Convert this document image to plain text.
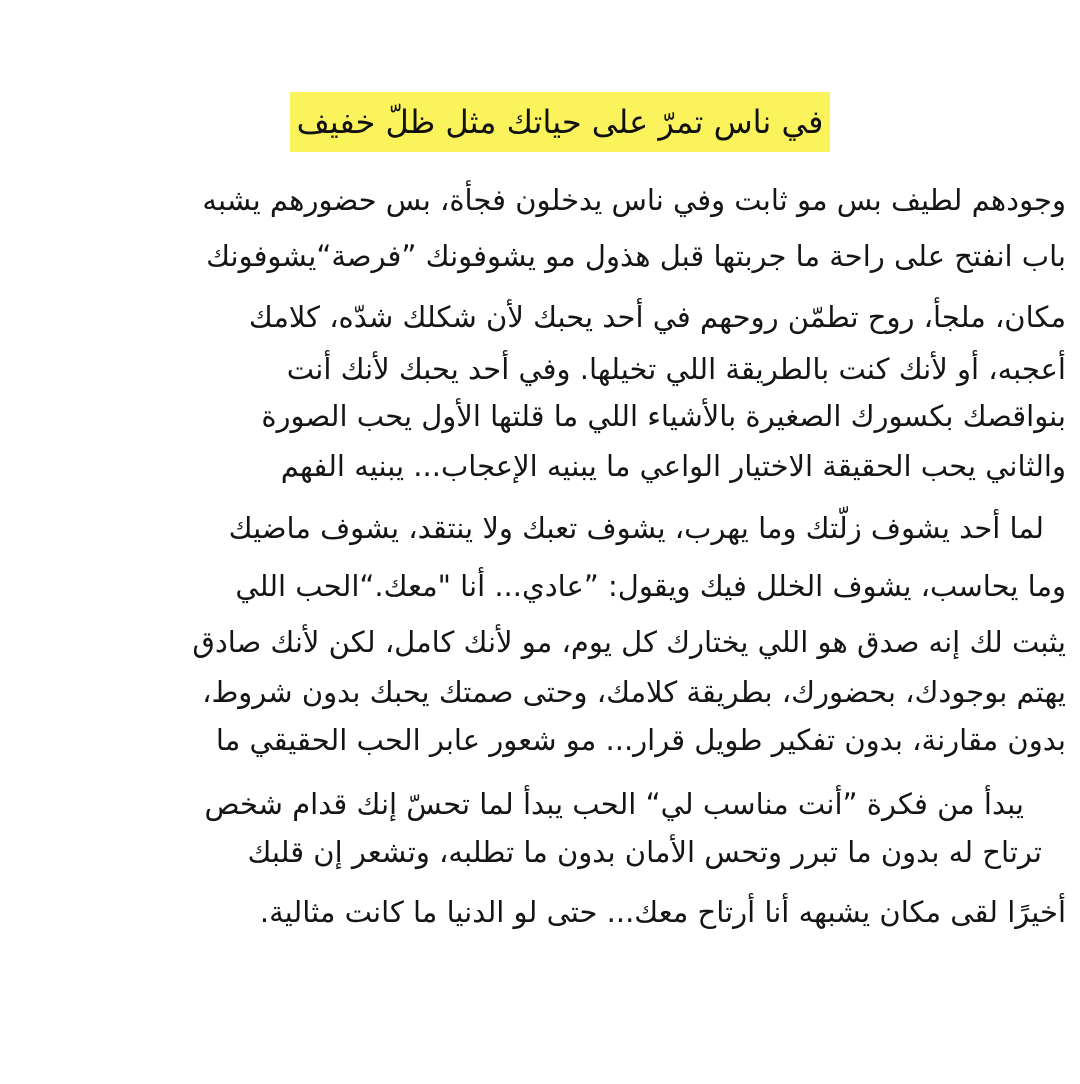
في ناس تمرّ على حياتك مثل ظلّ خفيف
وجودهم لطيف بس مو ثابت وفي ناس يدخلون فجأة، بس حضورهم يشبه
باب انفتح على راحة ما جربتها قبل هذول مو يشوفونك ”فرصة“يشوفونك
مكان، ملجأ، روح تطمّن روحهم في أحد يحبك لأن شكلك شدّه، كلامك
أعجبه، أو لأنك كنت بالطريقة اللي تخيلها. وفي أحد يحبك لأنك أنت
بنواقصك بكسورك الصغيرة بالأشياء اللي ما قلتها الأول يحب الصورة
والثاني يحب الحقيقة الاختيار الواعي ما يبنيه الإعجاب... يبنيه الفهم
لما أحد يشوف زلّتك وما يهرب، يشوف تعبك ولا ينتقد، يشوف ماضيك
وما يحاسب، يشوف الخلل فيك ويقول: ”عادي... أنا "معك.“الحب اللي
يثبت لك إنه صدق هو اللي يختارك كل يوم، مو لأنك كامل، لكن لأنك صادق
يهتم بوجودك، بحضورك، بطريقة كلامك، وحتى صمتك يحبك بدون شروط،
بدون مقارنة، بدون تفكير طويل قرار... مو شعور عابر الحب الحقيقي ما
يبدأ من فكرة ”أنت مناسب لي“ الحب يبدأ لما تحسّ إنك قدام شخص
ترتاح له بدون ما تبرر وتحس الأمان بدون ما تطلبه، وتشعر إن قلبك
أخيرًا لقى مكان يشبهه أنا أرتاح معك... حتى لو الدنيا ما كانت مثالية.
